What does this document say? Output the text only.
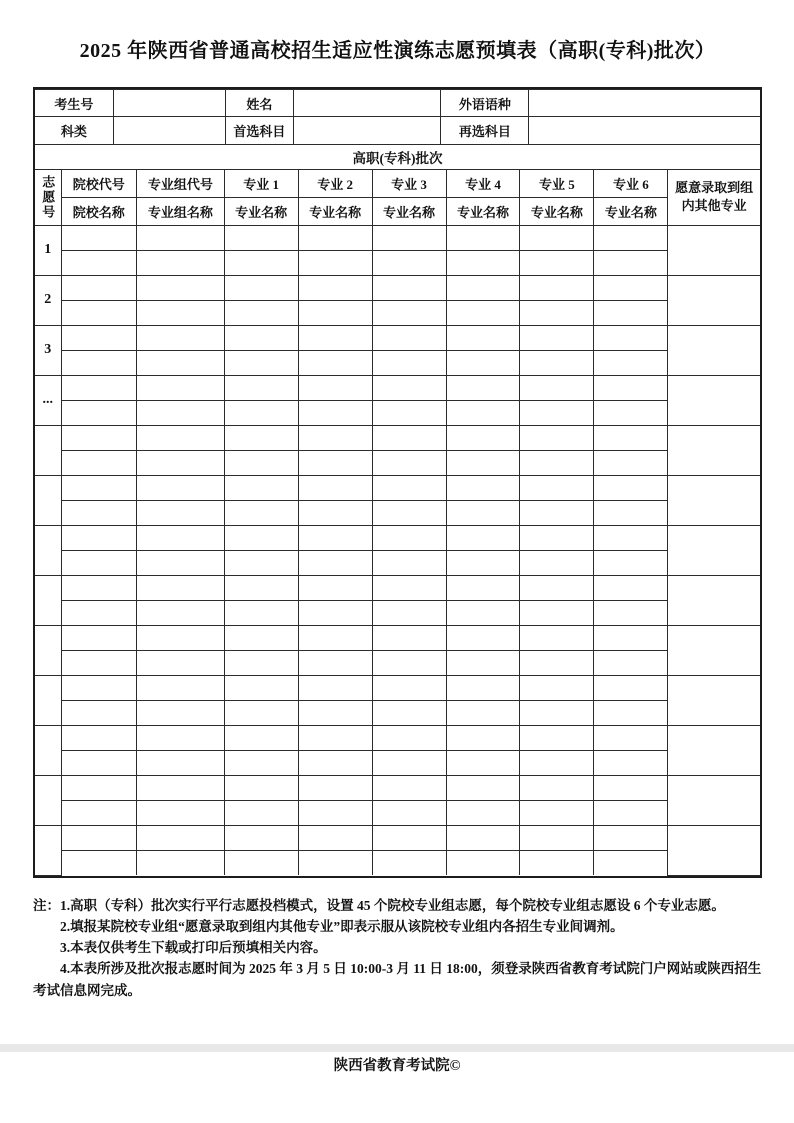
2025 年陕西省普通高校招生适应性演练志愿预填表（高职(专科)批次）
考生号		姓名		外语语种	
科类		首选科目		再选科目	
高职(专科)批次									

志愿号	院校代号	专业组代号	专业 1	专业 2	专业 3	专业 4	专业 5	专业 6	愿意录取到组内其他专业
	院校名称	专业组名称	专业名称	专业名称	专业名称	专业名称	专业名称	专业名称	
1									

2									

3									

...									

注：1.高职（专科）批次实行平行志愿投档模式，设置 45 个院校专业组志愿，每个院校专业组志愿设 6 个专业志愿。

2.填报某院校专业组“愿意录取到组内其他专业”即表示服从该院校专业组内各招生专业间调剂。

3.本表仅供考生下载或打印后预填相关内容。

4.本表所涉及批次报志愿时间为 2025 年 3 月 5 日 10:00-3 月 11 日 18:00，须登录陕西省教育考试院门户网站或陕西招生考试信息网完成。

陕西省教育考试院©
